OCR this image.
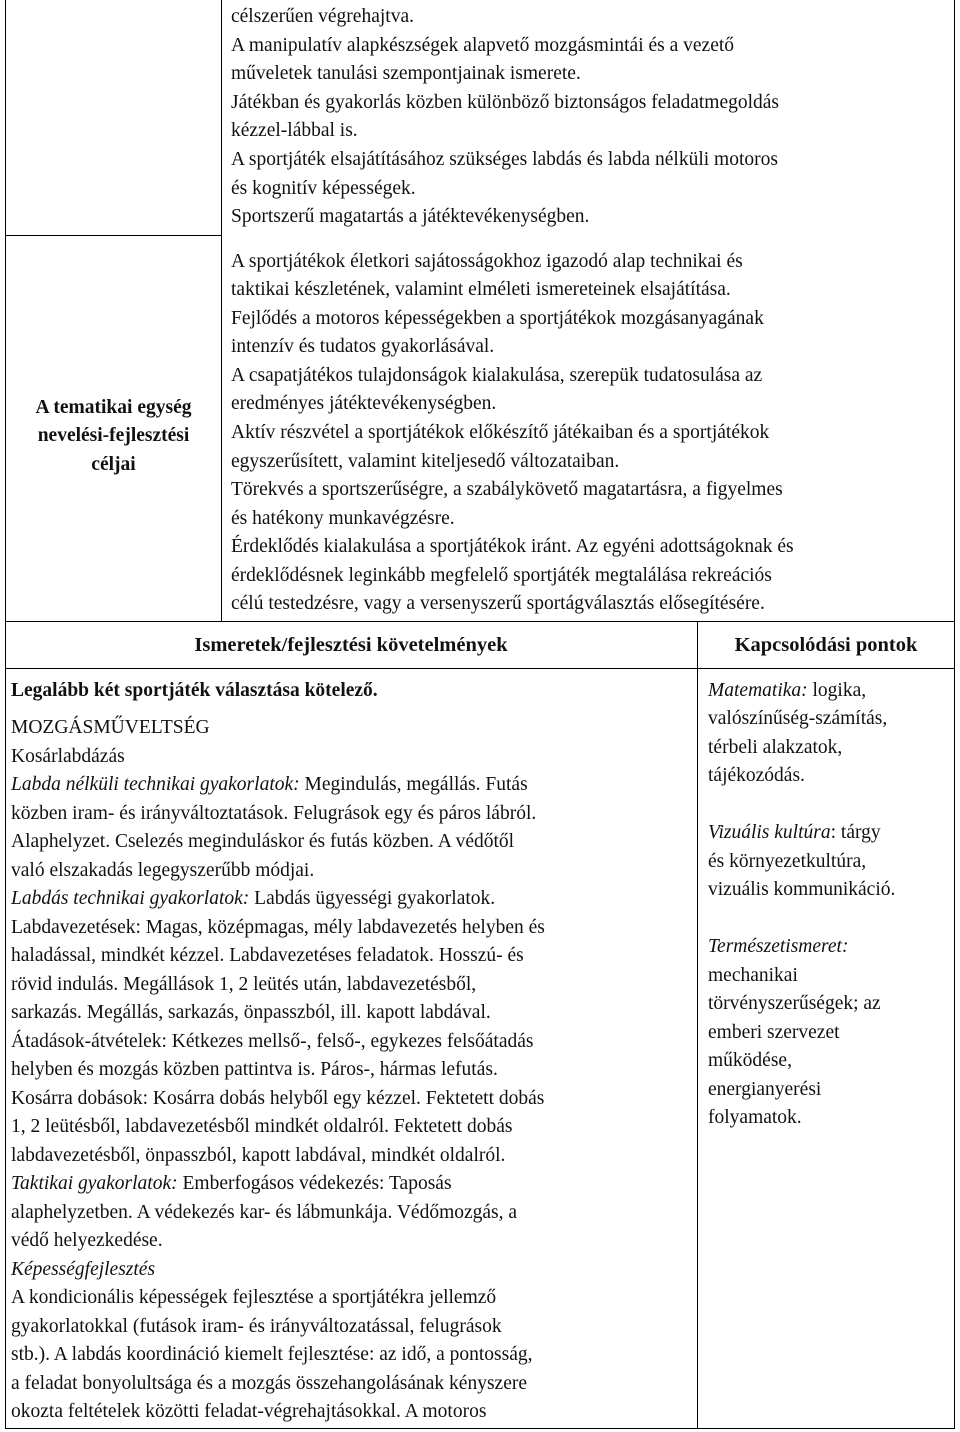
célszerűen végrehajtva.
A manipulatív alapkészségek alapvető mozgásmintái és a vezető
műveletek tanulási szempontjainak ismerete.
Játékban és gyakorlás közben különböző biztonságos feladatmegoldás
kézzel-lábbal is.
A sportjáték elsajátításához szükséges labdás és labda nélküli motoros
és kognitív képességek.
Sportszerű magatartás a játéktevékenységben.
A tematikai egység
nevelési-fejlesztési
céljai
A sportjátékok életkori sajátosságokhoz igazodó alap technikai és
taktikai készletének, valamint elméleti ismereteinek elsajátítása.
Fejlődés a motoros képességekben a sportjátékok mozgásanyagának
intenzív és tudatos gyakorlásával.
A csapatjátékos tulajdonságok kialakulása, szerepük tudatosulása az
eredményes játéktevékenységben.
Aktív részvétel a sportjátékok előkészítő játékaiban és a sportjátékok
egyszerűsített, valamint kiteljesedő változataiban.
Törekvés a sportszerűségre, a szabálykövető magatartásra, a figyelmes
és hatékony munkavégzésre.
Érdeklődés kialakulása a sportjátékok iránt. Az egyéni adottságoknak és
érdeklődésnek leginkább megfelelő sportjáték megtalálása rekreációs
célú testedzésre, vagy a versenyszerű sportágválasztás elősegítésére.
Ismeretek/fejlesztési követelmények	Kapcsolódási pontok
Legalább két sportjáték választása kötelező.
MOZGÁSMŰVELTSÉG
Kosárlabdázás
Labda nélküli technikai gyakorlatok: Megindulás, megállás. Futás
közben iram- és irányváltoztatások. Felugrások egy és páros lábról.
Alaphelyzet. Cselezés meginduláskor és futás közben. A védőtől
való elszakadás legegyszerűbb módjai.
Labdás technikai gyakorlatok: Labdás ügyességi gyakorlatok.
Labdavezetések: Magas, középmagas, mély labdavezetés helyben és
haladással, mindkét kézzel. Labdavezetéses feladatok. Hosszú- és
rövid indulás. Megállások 1, 2 leütés után, labdavezetésből,
sarkazás. Megállás, sarkazás, önpasszból, ill. kapott labdával.
Átadások-átvételek: Kétkezes mellső-, felső-, egykezes felsőátadás
helyben és mozgás közben pattintva is. Páros-, hármas lefutás.
Kosárra dobások: Kosárra dobás helyből egy kézzel. Fektetett dobás
1, 2 leütésből, labdavezetésből mindkét oldalról. Fektetett dobás
labdavezetésből, önpasszból, kapott labdával, mindkét oldalról.
Taktikai gyakorlatok: Emberfogásos védekezés: Taposás
alaphelyzetben. A védekezés kar- és lábmunkája. Védőmozgás, a
védő helyezkedése.
Képességfejlesztés
A kondicionális képességek fejlesztése a sportjátékra jellemző
gyakorlatokkal (futások iram- és irányváltozatással, felugrások
stb.). A labdás koordináció kiemelt fejlesztése: az idő, a pontosság,
a feladat bonyolultsága és a mozgás összehangolásának kényszere
okozta feltételek közötti feladat-végrehajtásokkal. A motoros
Matematika: logika,
valószínűség-számítás,
térbeli alakzatok,
tájékozódás.
Vizuális kultúra: tárgy
és környezetkultúra,
vizuális kommunikáció.
Természetismeret:
mechanikai
törvényszerűségek; az
emberi szervezet
működése,
energianyerési
folyamatok.
